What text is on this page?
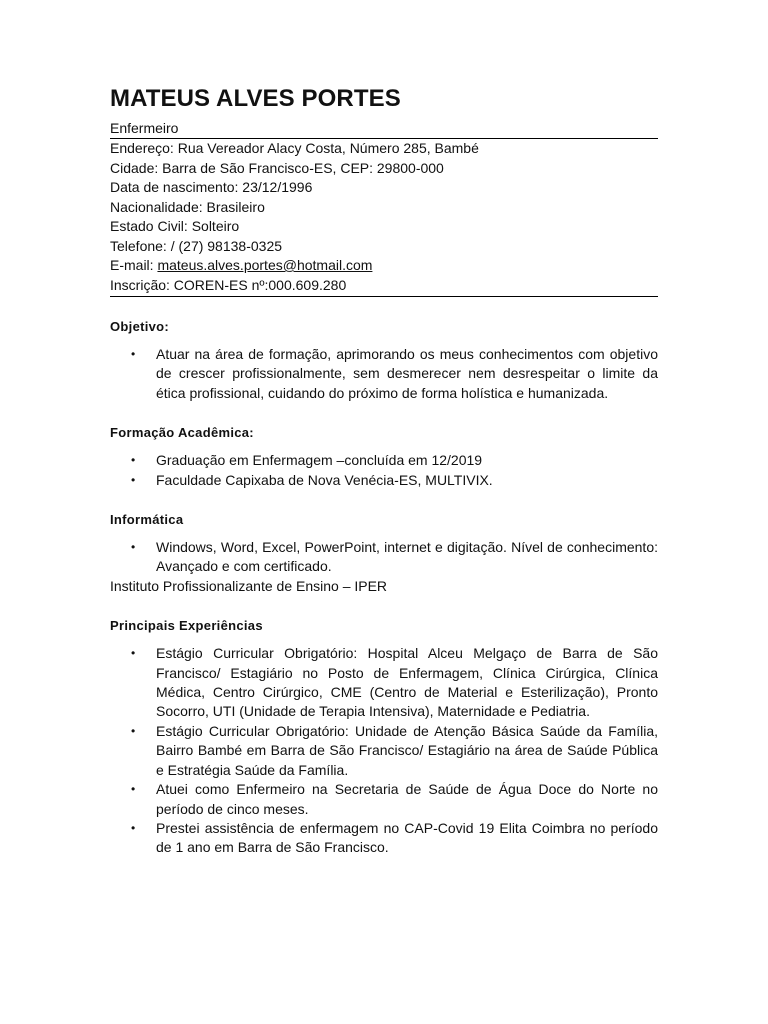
MATEUS ALVES PORTES
Enfermeiro
Endereço: Rua Vereador Alacy Costa, Número 285, Bambé
Cidade: Barra de São Francisco-ES, CEP: 29800-000
Data de nascimento: 23/12/1996
Nacionalidade: Brasileiro
Estado Civil: Solteiro
Telefone: / (27) 98138-0325
E-mail: mateus.alves.portes@hotmail.com
Inscrição: COREN-ES nº:000.609.280
Objetivo:
• Atuar na área de formação, aprimorando os meus conhecimentos com objetivo de crescer profissionalmente, sem desmerecer nem desrespeitar o limite da ética profissional, cuidando do próximo de forma holística e humanizada.
Formação Acadêmica:
• Graduação em Enfermagem –concluída em 12/2019
• Faculdade Capixaba de Nova Venécia-ES, MULTIVIX.
Informática
• Windows, Word, Excel, PowerPoint, internet e digitação. Nível de conhecimento: Avançado e com certificado.
Instituto Profissionalizante de Ensino – IPER
Principais Experiências
• Estágio Curricular Obrigatório: Hospital Alceu Melgaço de Barra de São Francisco/ Estagiário no Posto de Enfermagem, Clínica Cirúrgica, Clínica Médica, Centro Cirúrgico, CME (Centro de Material e Esterilização), Pronto Socorro, UTI (Unidade de Terapia Intensiva), Maternidade e Pediatria.
• Estágio Curricular Obrigatório: Unidade de Atenção Básica Saúde da Família, Bairro Bambé em Barra de São Francisco/ Estagiário na área de Saúde Pública e Estratégia Saúde da Família.
• Atuei como Enfermeiro na Secretaria de Saúde de Água Doce do Norte no período de cinco meses.
• Prestei assistência de enfermagem no CAP-Covid 19 Elita Coimbra no período de 1 ano em Barra de São Francisco.
